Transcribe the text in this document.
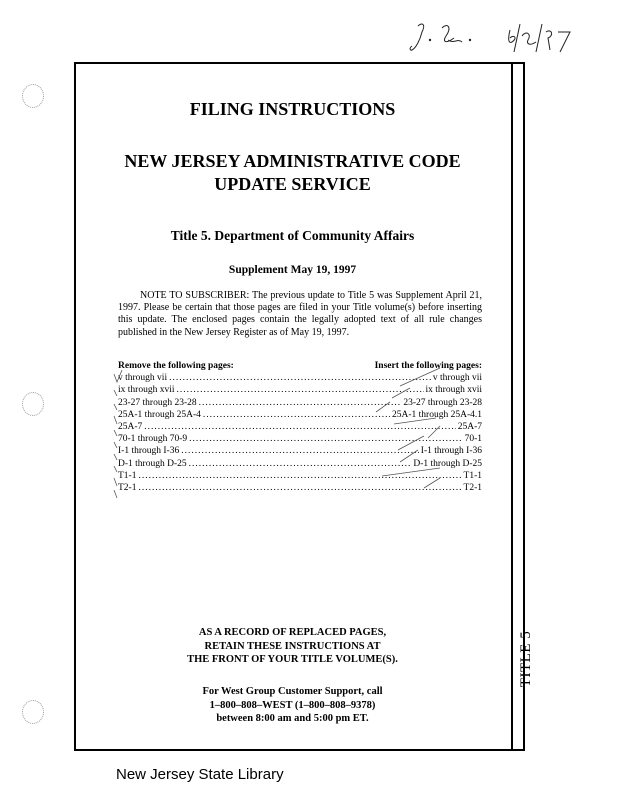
TITLE 5
FILING INSTRUCTIONS
NEW JERSEY ADMINISTRATIVE CODE
UPDATE SERVICE
Title 5. Department of Community Affairs
Supplement May 19, 1997
NOTE TO SUBSCRIBER: The previous update to Title 5 was Supplement April 21, 1997. Please be certain that those pages are filed in your Title volume(s) before inserting this update. The enclosed pages contain the legally adopted text of all rule changes published in the New Jersey Register as of May 19, 1997.
Remove the following pages:	Insert the following pages:
v through vii .....	v through vii
ix through xvii .....	ix through xvii
23-27 through 23-28 .....	23-27 through 23-28
25A-1 through 25A-4 .....	25A-1 through 25A-4.1
25A-7 .....	25A-7
70-1 through 70-9 .....	70-1
I-1 through I-36 .....	I-1 through I-36
D-1 through D-25 .....	D-1 through D-25
T1-1 .....	T1-1
T2-1 .....	T2-1
AS A RECORD OF REPLACED PAGES,
RETAIN THESE INSTRUCTIONS AT
THE FRONT OF YOUR TITLE VOLUME(S).
For West Group Customer Support, call
1–800–808–WEST (1–800–808–9378)
between 8:00 am and 5:00 pm ET.
New Jersey State Library
